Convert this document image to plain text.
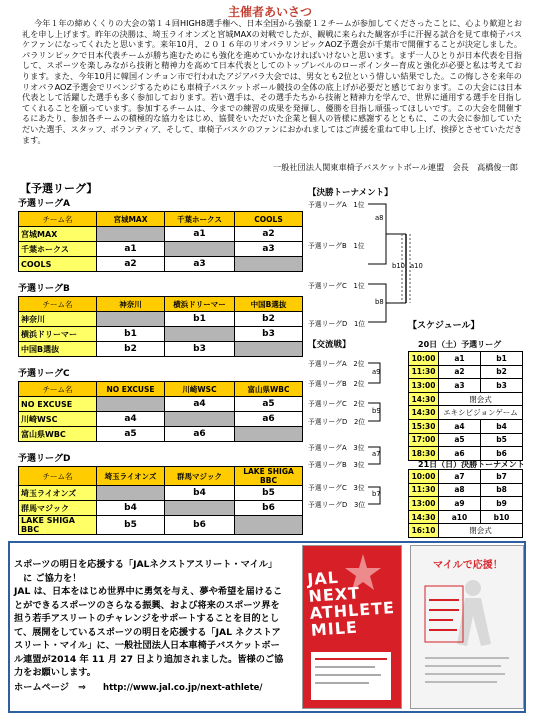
主催者あいさつ

今年１年の締めくくりの大会の第１４回HIGH8選手権へ、日本全国から強豪１２チームが参加してくださったことに、心より歓迎とお礼を申し上げます。昨年の決勝は、埼玉ライオンズと宮城MAXの対戦でしたが、観戦に来られた観客が手に汗握る試合を見て車椅子バスケファンになってくれたと思います。来年10月、２０１６年のリオパラリンピックAOZ予選会が千葉市で開催することが決定しました。パラリンピックで日本代表チームが勝ち進むためにも強化を進めていかなければいけないと思います。まず一人ひとりが日本代表を目指して、スポーツを楽しみながら技術と精神力を高めて日本代表としてのトップレベルのローポインター育成と強化が必要と私は考えております。また、今年10月に韓国インチョン市で行われたアジアパラ大会では、男女とも2位という惜しい結果でした。この悔しさを来年のリオパラAOZ予選会でリベンジするためにも車椅子バスケットボール競技の全体の底上げが必要だと感じております。この大会には日本代表として活躍した選手も多く参加しております。若い選手は、その選手たちから技術と精神力を学んで、世界に通用する選手を目指してくれることを願っています。参加するチームは、今までの練習の成果を発揮し、優勝を目指し頑張ってほしいです。この大会を開催するにあたり、参加各チームの積極的な協力をはじめ、協賛をいただいた企業と個人の皆様に感謝するとともに、この大会に参加していただいた選手、スタッフ、ボランティア、そして、車椅子バスケのファンにおかれましてはご声援を重ねて申し上げ、挨拶とさせていただきます。

一般社団法人関東車椅子バスケットボール連盟　会長　高橋俊一郎
【予選リーグ】
予選リーグA
チーム名	宮城MAX	千葉ホークス	COOLS
宮城MAX		a1	a2
千葉ホークス	a1		a3
COOLS	a2	a3	
予選リーグB
チーム名	神奈川	横浜ドリーマー	中国B選抜
神奈川		b1	b2
横浜ドリーマー	b1		b3
中国B選抜	b2	b3	
予選リーグC
チーム名	NO EXCUSE	川崎WSC	富山県WBC
NO EXCUSE		a4	a5
川崎WSC	a4		a6
富山県WBC	a5	a6	
予選リーグD
チーム名	埼玉ライオンズ	群馬マジック	LAKE SHIGA BBC
埼玉ライオンズ		b4	b5
群馬マジック	b4		b6
LAKE SHIGA BBC	b5	b6	
【決勝トーナメント】
予選リーグA　1位
予選リーグB　1位
予選リーグC　1位
予選リーグD　1位
a8
b8
b10 a10
【交流戦】
予選リーグA　2位
予選リーグB　2位
予選リーグC　2位
予選リーグD　2位
予選リーグA　3位
予選リーグB　3位
予選リーグC　3位
予選リーグD　3位
a9
b9
a7
b7
【スケジュール】
20日（土）予選リーグ
10:00	a1	b1
11:30	a2	b2
13:00	a3	b3
14:30	閉会式	
14:30	エキシビジョンゲーム	
15:30	a4	b4
17:00	a5	b5
18:30	a6	b6
21日（日）決勝トーナメント
10:00	a7	b7
11:30	a8	b8
13:00	a9	b9
14:30	a10	b10
16:10	閉会式	

スポーツの明日を応援する「JALネクストアスリート・マイル」

に ご協力を！

JAL は、日本をはじめ世界中に勇気を与え、夢や希望を届けることができるスポーツのさらなる振興、および将来のスポーツ界を担う若手アスリートのチャレンジをサポートすることを目的として、展開をしているスポーツの明日を応援する「JAL ネクストアスリート・マイル」に、一般社団法人日本車椅子バスケットボール連盟が2014 年 11 月 27 日より追加されました。皆様のご協力をお願いします。

ホームページ　⇒ http://www.jal.co.jp/next-athlete/

JAL NEXT ATHLETE MILE
マイルで応援！
